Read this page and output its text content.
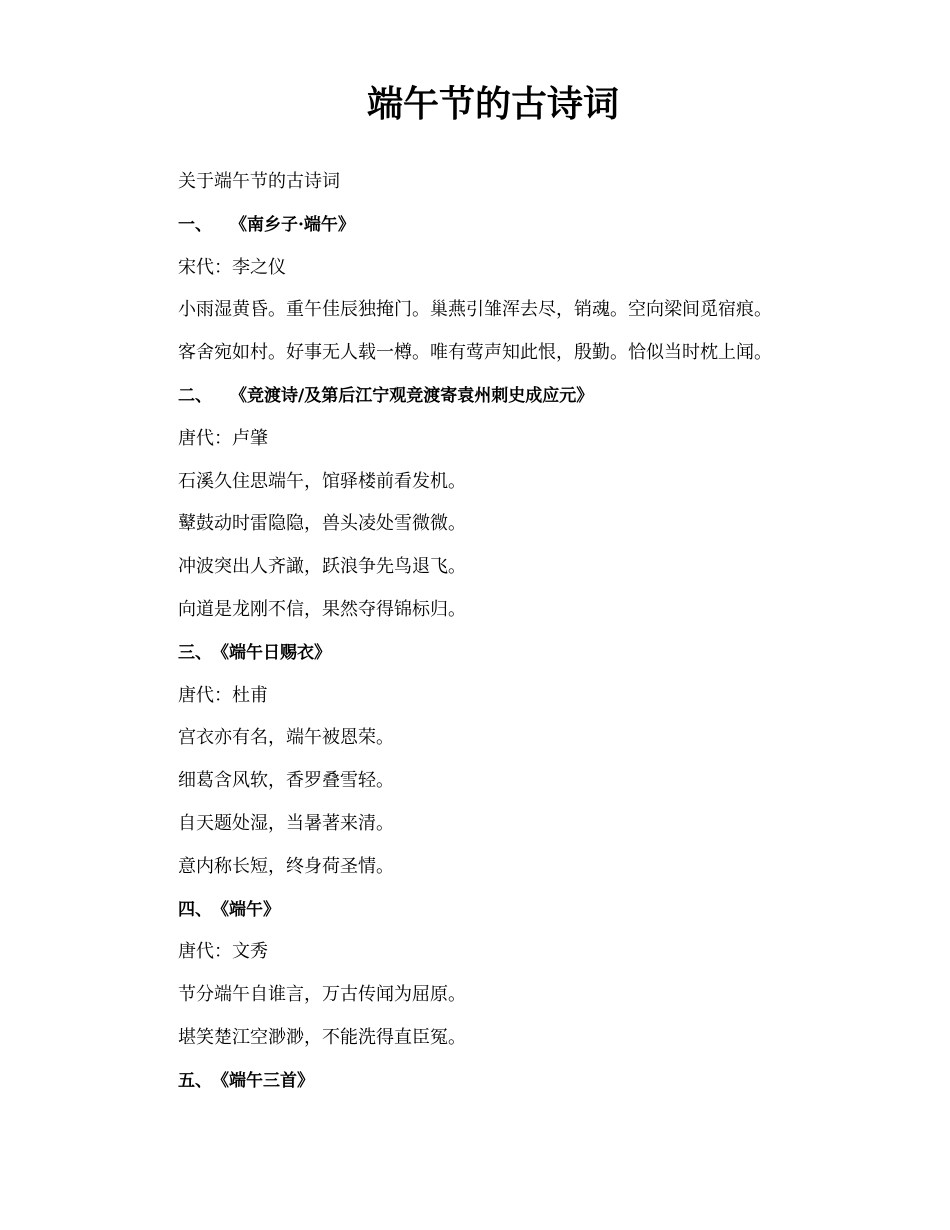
端午节的古诗词

关于端午节的古诗词

一、 《南乡子·端午》

宋代：李之仪

小雨湿黄昏。重午佳辰独掩门。巢燕引雏浑去尽，销魂。空向梁间觅宿痕。

客舍宛如村。好事无人载一樽。唯有莺声知此恨，殷勤。恰似当时枕上闻。

二、 《竞渡诗/及第后江宁观竞渡寄袁州刺史成应元》

唐代：卢肇

石溪久住思端午，馆驿楼前看发机。

鼙鼓动时雷隐隐，兽头凌处雪微微。

冲波突出人齐譀，跃浪争先鸟退飞。

向道是龙刚不信，果然夺得锦标归。

三、《端午日赐衣》

唐代：杜甫

宫衣亦有名，端午被恩荣。

细葛含风软，香罗叠雪轻。

自天题处湿，当暑著来清。

意内称长短，终身荷圣情。

四、《端午》

唐代：文秀

节分端午自谁言，万古传闻为屈原。

堪笑楚江空渺渺，不能洗得直臣冤。

五、《端午三首》
